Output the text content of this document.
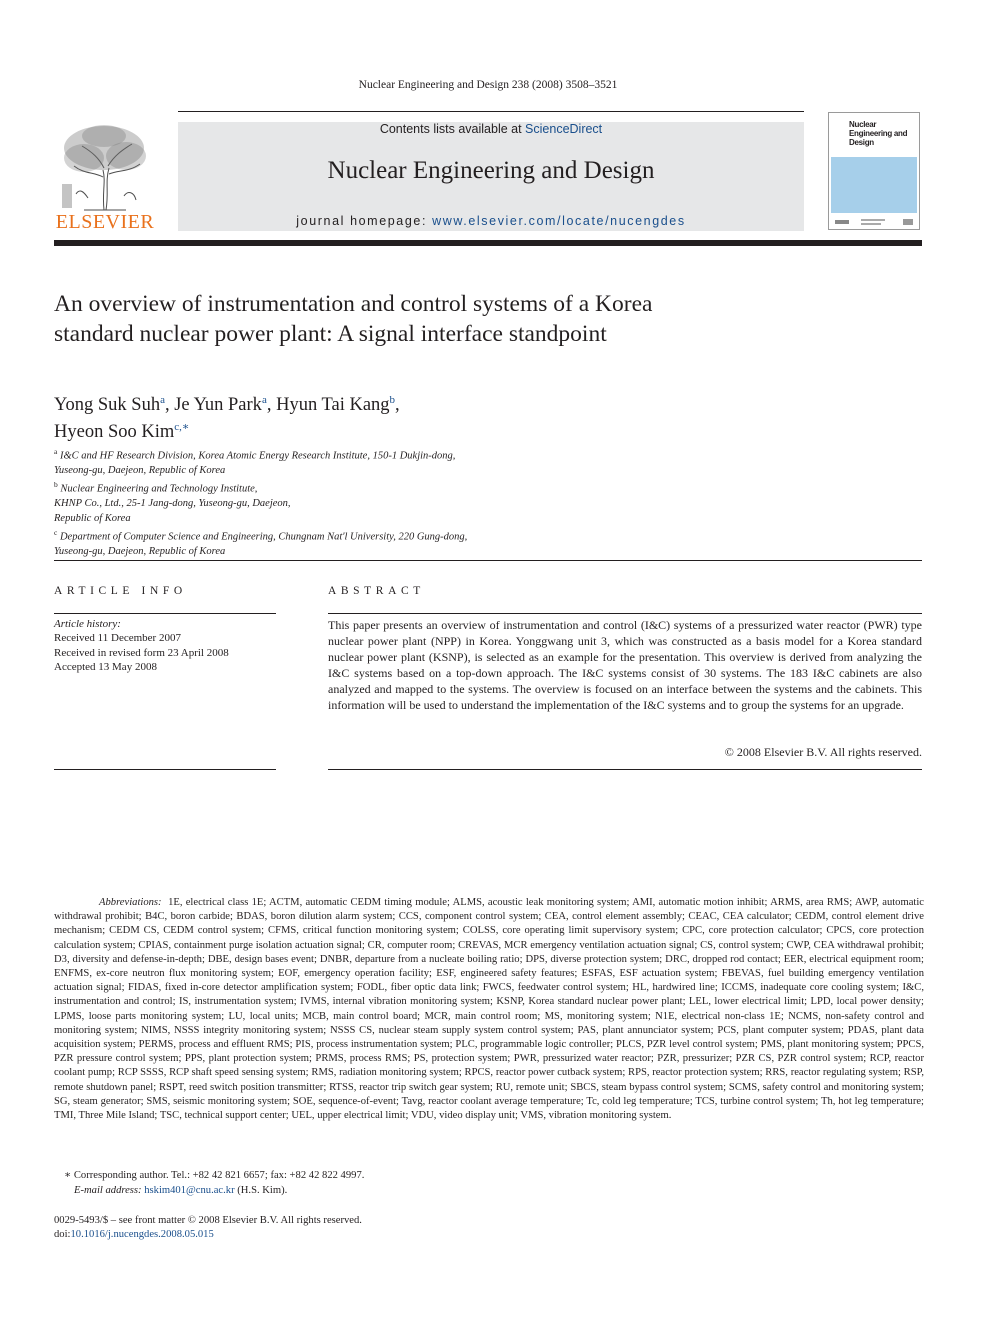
Nuclear Engineering and Design 238 (2008) 3508–3521
ELSEVIER
Contents lists available at ScienceDirect
Nuclear Engineering and Design
journal homepage: www.elsevier.com/locate/nucengdes
Nuclear Engineering and Design
An overview of instrumentation and control systems of a Korea standard nuclear power plant: A signal interface standpoint
Yong Suk Suh$^a$, Je Yun Park$^a$, Hyun Tai Kang$^b$,
Hyeon Soo Kim$^{c,∗}$
$^a$ I&C and HF Research Division, Korea Atomic Energy Research Institute, 150-1 Dukjin-dong,
Yuseong-gu, Daejeon, Republic of Korea
$^b$ Nuclear Engineering and Technology Institute,
KHNP Co., Ltd., 25-1 Jang-dong, Yuseong-gu, Daejeon,
Republic of Korea
$^c$ Department of Computer Science and Engineering, Chungnam Nat'l University, 220 Gung-dong,
Yuseong-gu, Daejeon, Republic of Korea
ARTICLE INFO
Article history:
Received 11 December 2007
Received in revised form 23 April 2008
Accepted 13 May 2008
ABSTRACT
This paper presents an overview of instrumentation and control (I&C) systems of a pressurized water reactor (PWR) type nuclear power plant (NPP) in Korea. Yonggwang unit 3, which was constructed as a basis model for a Korea standard nuclear power plant (KSNP), is selected as an example for the presentation. This overview is derived from analyzing the I&C systems based on a top-down approach. The I&C systems consist of 30 systems. The 183 I&C cabinets are also analyzed and mapped to the systems. The overview is focused on an interface between the systems and the cabinets. This information will be used to understand the implementation of the I&C systems and to group the systems for an upgrade.
© 2008 Elsevier B.V. All rights reserved.
Abbreviations: 1E, electrical class 1E; ACTM, automatic CEDM timing module; ALMS, acoustic leak monitoring system; AMI, automatic motion inhibit; ARMS, area RMS; AWP, automatic withdrawal prohibit; B4C, boron carbide; BDAS, boron dilution alarm system; CCS, component control system; CEA, control element assembly; CEAC, CEA calculator; CEDM, control element drive mechanism; CEDM CS, CEDM control system; CFMS, critical function monitoring system; COLSS, core operating limit supervisory system; CPC, core protection calculator; CPCS, core protection calculation system; CPIAS, containment purge isolation actuation signal; CR, computer room; CREVAS, MCR emergency ventilation actuation signal; CS, control system; CWP, CEA withdrawal prohibit; D3, diversity and defense-in-depth; DBE, design bases event; DNBR, departure from a nucleate boiling ratio; DPS, diverse protection system; DRC, dropped rod contact; EER, electrical equipment room; ENFMS, ex-core neutron flux monitoring system; EOF, emergency operation facility; ESF, engineered safety features; ESFAS, ESF actuation system; FBEVAS, fuel building emergency ventilation actuation signal; FIDAS, fixed in-core detector amplification system; FODL, fiber optic data link; FWCS, feedwater control system; HL, hardwired line; ICCMS, inadequate core cooling system; I&C, instrumentation and control; IS, instrumentation system; IVMS, internal vibration monitoring system; KSNP, Korea standard nuclear power plant; LEL, lower electrical limit; LPD, local power density; LPMS, loose parts monitoring system; LU, local units; MCB, main control board; MCR, main control room; MS, monitoring system; N1E, electrical non-class 1E; NCMS, non-safety control and monitoring system; NIMS, NSSS integrity monitoring system; NSSS CS, nuclear steam supply system control system; PAS, plant annunciator system; PCS, plant computer system; PDAS, plant data acquisition system; PERMS, process and effluent RMS; PIS, process instrumentation system; PLC, programmable logic controller; PLCS, PZR level control system; PMS, plant monitoring system; PPCS, PZR pressure control system; PPS, plant protection system; PRMS, process RMS; PS, protection system; PWR, pressurized water reactor; PZR, pressurizer; PZR CS, PZR control system; RCP, reactor coolant pump; RCP SSSS, RCP shaft speed sensing system; RMS, radiation monitoring system; RPCS, reactor power cutback system; RPS, reactor protection system; RRS, reactor regulating system; RSP, remote shutdown panel; RSPT, reed switch position transmitter; RTSS, reactor trip switch gear system; RU, remote unit; SBCS, steam bypass control system; SCMS, safety control and monitoring system; SG, steam generator; SMS, seismic monitoring system; SOE, sequence-of-event; Tavg, reactor coolant average temperature; Tc, cold leg temperature; TCS, turbine control system; Th, hot leg temperature; TMI, Three Mile Island; TSC, technical support center; UEL, upper electrical limit; VDU, video display unit; VMS, vibration monitoring system.
∗ Corresponding author. Tel.: +82 42 821 6657; fax: +82 42 822 4997.
E-mail address: hskim401@cnu.ac.kr (H.S. Kim).
0029-5493/$ – see front matter © 2008 Elsevier B.V. All rights reserved.
doi:10.1016/j.nucengdes.2008.05.015
